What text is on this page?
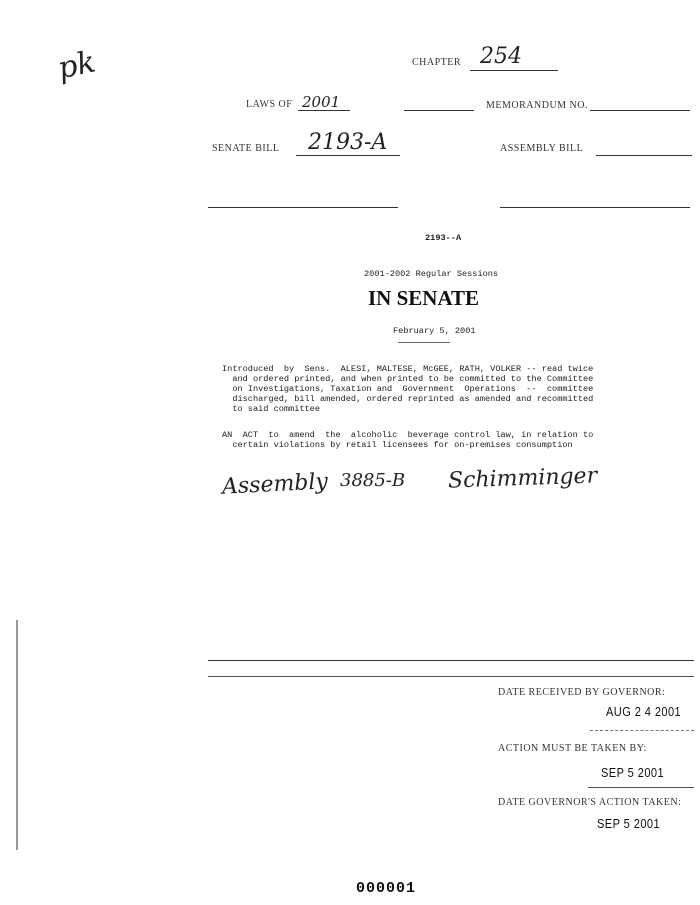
pk	CHAPTER 254
LAWS OF 2001	MEMORANDUM NO.
SENATE BILL 2193-A	ASSEMBLY BILL
2193--A
2001-2002 Regular Sessions
IN SENATE
February 5, 2001
Introduced  by  Sens.  ALESI, MALTESE, McGEE, RATH, VOLKER -- read twice
and ordered printed, and when printed to be committed to the Committee
on Investigations, Taxation and  Government  Operations  --  committee
discharged, bill amended, ordered reprinted as amended and recommitted
to said committee
AN  ACT  to  amend  the  alcoholic  beverage control law, in relation to
certain violations by retail licensees for on-premises consumption
Assembly 3885-B Schimminger
DATE RECEIVED BY GOVERNOR:
AUG 2 4 2001
ACTION MUST BE TAKEN BY:
SEP 5 2001
DATE GOVERNOR'S ACTION TAKEN:
SEP 5 2001
000001
